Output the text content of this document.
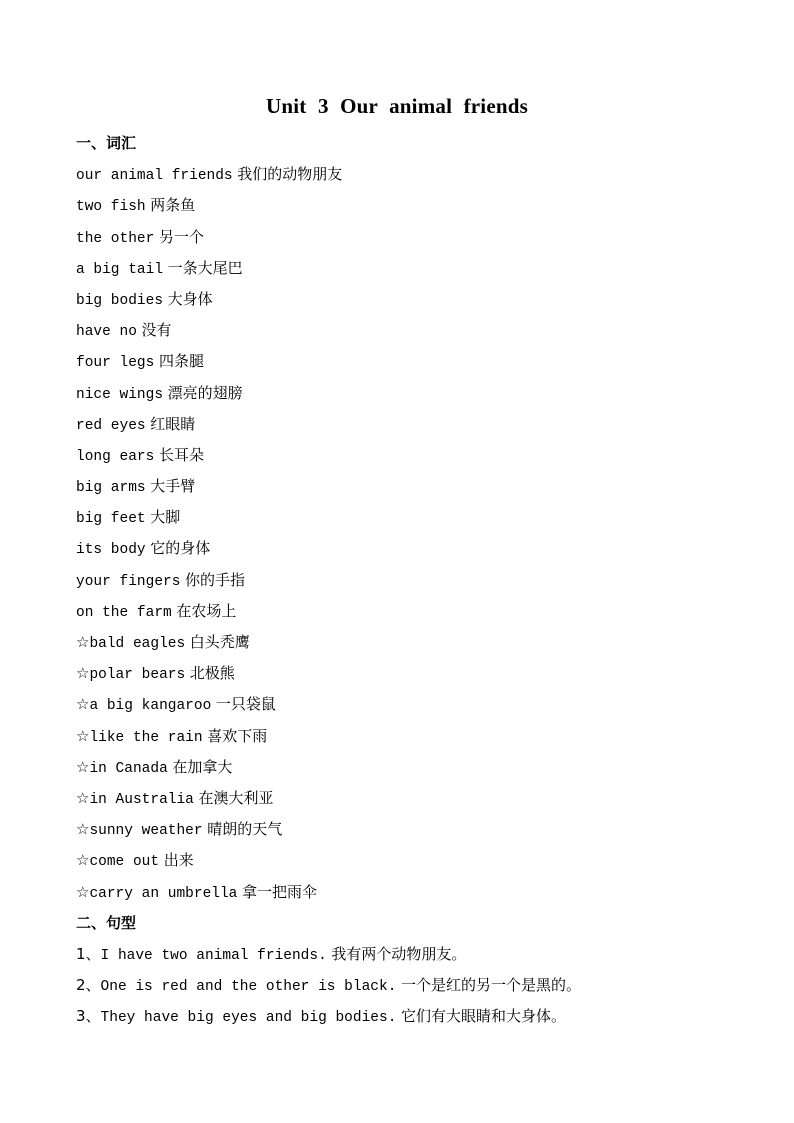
Unit 3 Our animal friends
一、词汇
our animal friends 我们的动物朋友
two fish 两条鱼
the other 另一个
a big tail 一条大尾巴
big bodies 大身体
have no 没有
four legs 四条腿
nice wings 漂亮的翅膀
red eyes 红眼睛
long ears 长耳朵
big arms 大手臂
big feet 大脚
its body 它的身体
your fingers 你的手指
on the farm 在农场上
☆bald eagles 白头秃鹰
☆polar bears 北极熊
☆a big kangaroo 一只袋鼠
☆like the rain 喜欢下雨
☆in Canada 在加拿大
☆in Australia 在澳大利亚
☆sunny weather 晴朗的天气
☆come out 出来
☆carry an umbrella 拿一把雨伞
二、句型
1、I have two animal friends. 我有两个动物朋友。
2、One is red and the other is black. 一个是红的另一个是黑的。
3、They have big eyes and big bodies. 它们有大眼睛和大身体。
